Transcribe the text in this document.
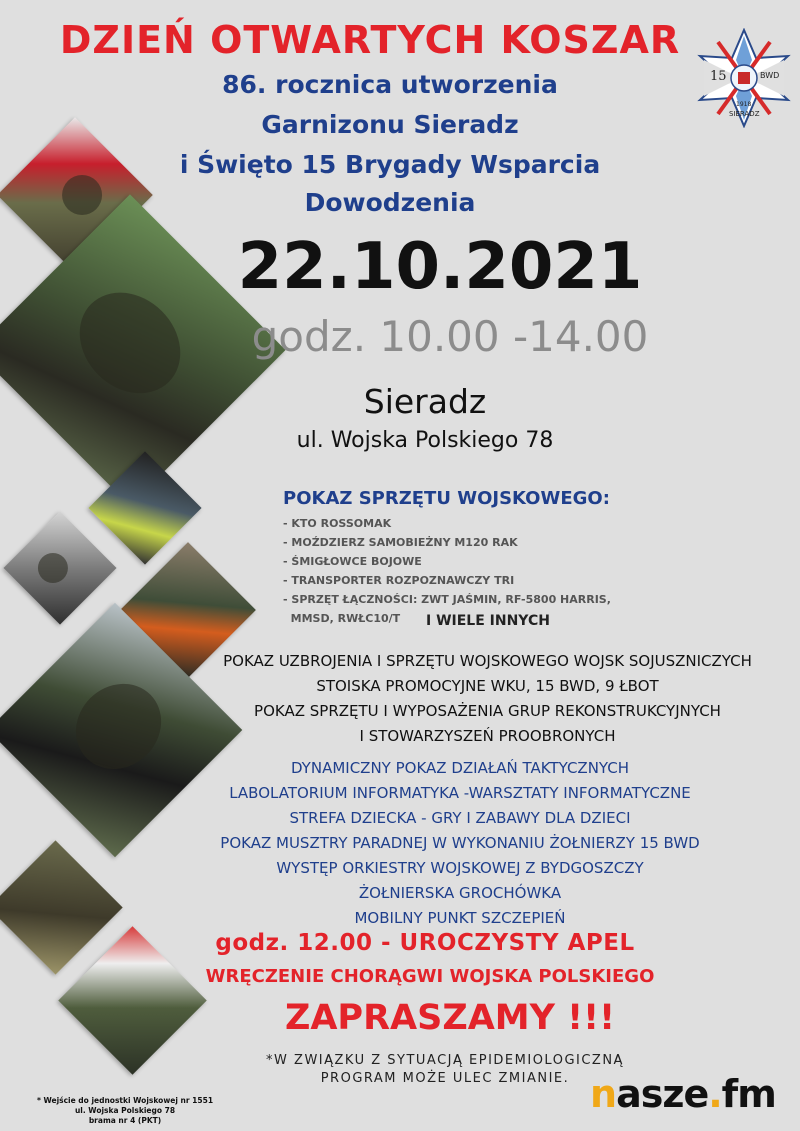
DZIEŃ OTWARTYCH KOSZAR
86. rocznica utworzenia
Garnizonu Sieradz
i Święto 15 Brygady Wsparcia
Dowodzenia
15	BWD
1918
SIERADZ
22.10.2021
godz. 10.00 -14.00
Sieradz
ul. Wojska Polskiego 78
POKAZ SPRZĘTU WOJSKOWEGO:
- KTO ROSSOMAK
- MOŹDZIERZ SAMOBIEŻNY M120 RAK
- ŚMIGŁOWCE BOJOWE
- TRANSPORTER ROZPOZNAWCZY TRI
- SPRZĘT ŁĄCZNOŚCI: ZWT JAŚMIN, RF-5800 HARRIS,
MMSD, RWŁC10/T	I WIELE INNYCH
POKAZ UZBROJENIA I SPRZĘTU WOJSKOWEGO WOJSK SOJUSZNICZYCH
STOISKA PROMOCYJNE WKU, 15 BWD, 9 ŁBOT
POKAZ SPRZĘTU I WYPOSAŻENIA GRUP REKONSTRUKCYJNYCH
I STOWARZYSZEŃ PROOBRONYCH
DYNAMICZNY POKAZ DZIAŁAŃ TAKTYCZNYCH
LABOLATORIUM INFORMATYKA -WARSZTATY INFORMATYCZNE
STREFA DZIECKA - GRY I ZABAWY DLA DZIECI
POKAZ MUSZTRY PARADNEJ W WYKONANIU ŻOŁNIERZY 15 BWD
WYSTĘP ORKIESTRY WOJSKOWEJ Z BYDGOSZCZY
ŻOŁNIERSKA GROCHÓWKA
MOBILNY PUNKT SZCZEPIEŃ
godz. 12.00 - UROCZYSTY APEL
WRĘCZENIE CHORĄGWI WOJSKA POLSKIEGO
ZAPRASZAMY !!!
*W ZWIĄZKU Z SYTUACJĄ EPIDEMIOLOGICZNĄ
PROGRAM MOŻE ULEC ZMIANIE.
* Wejście do jednostki Wojskowej nr 1551
ul. Wojska Polskiego 78
brama nr 4 (PKT)
nasze.fm
